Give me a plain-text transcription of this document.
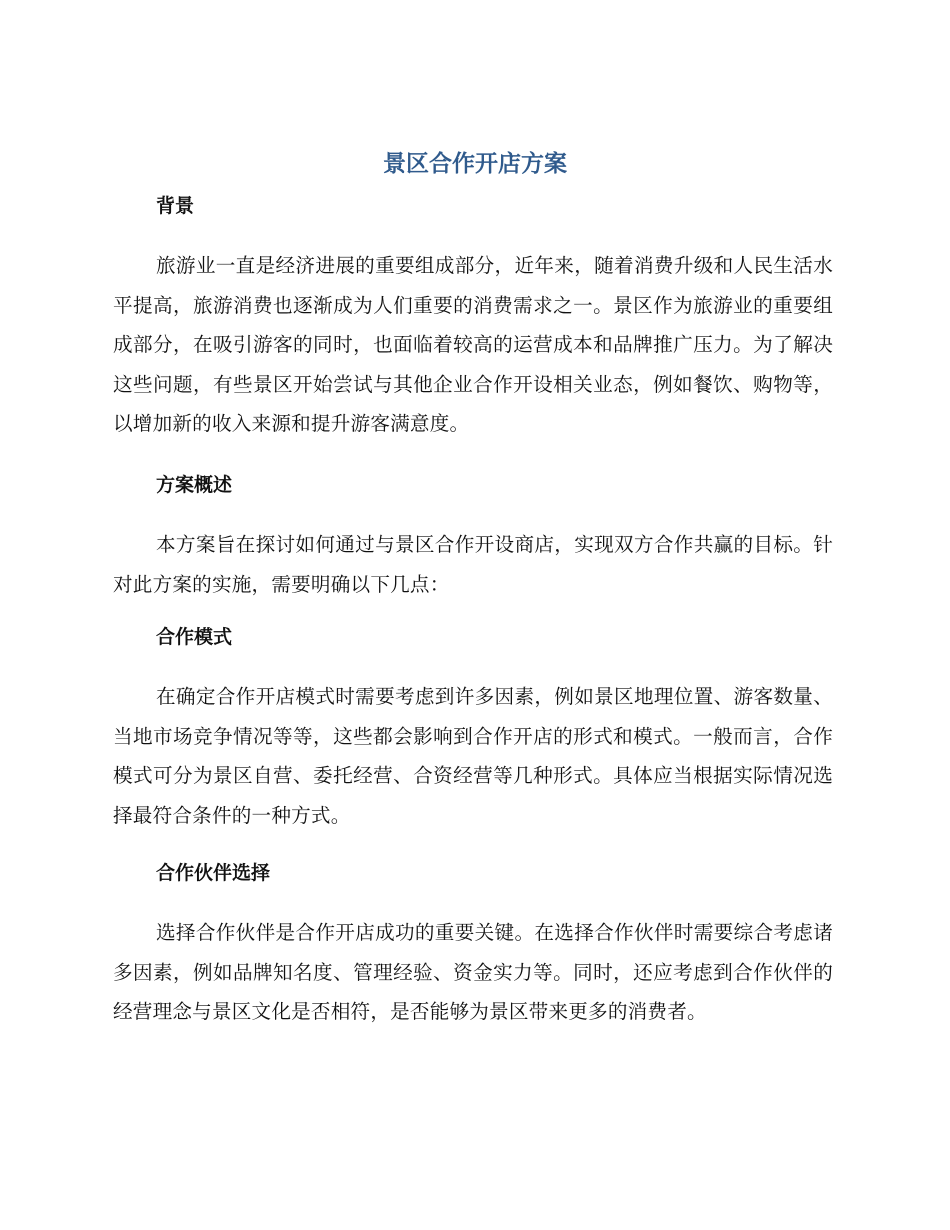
景区合作开店方案
背景

旅游业一直是经济进展的重要组成部分，近年来，随着消费升级和人民生活水平提高，旅游消费也逐渐成为人们重要的消费需求之一。景区作为旅游业的重要组成部分，在吸引游客的同时，也面临着较高的运营成本和品牌推广压力。为了解决这些问题，有些景区开始尝试与其他企业合作开设相关业态，例如餐饮、购物等，以增加新的收入来源和提升游客满意度。

方案概述

本方案旨在探讨如何通过与景区合作开设商店，实现双方合作共赢的目标。针对此方案的实施，需要明确以下几点：

合作模式

在确定合作开店模式时需要考虑到许多因素，例如景区地理位置、游客数量、当地市场竞争情况等等，这些都会影响到合作开店的形式和模式。一般而言，合作模式可分为景区自营、委托经营、合资经营等几种形式。具体应当根据实际情况选择最符合条件的一种方式。

合作伙伴选择

选择合作伙伴是合作开店成功的重要关键。在选择合作伙伴时需要综合考虑诸多因素，例如品牌知名度、管理经验、资金实力等。同时，还应考虑到合作伙伴的经营理念与景区文化是否相符，是否能够为景区带来更多的消费者。
